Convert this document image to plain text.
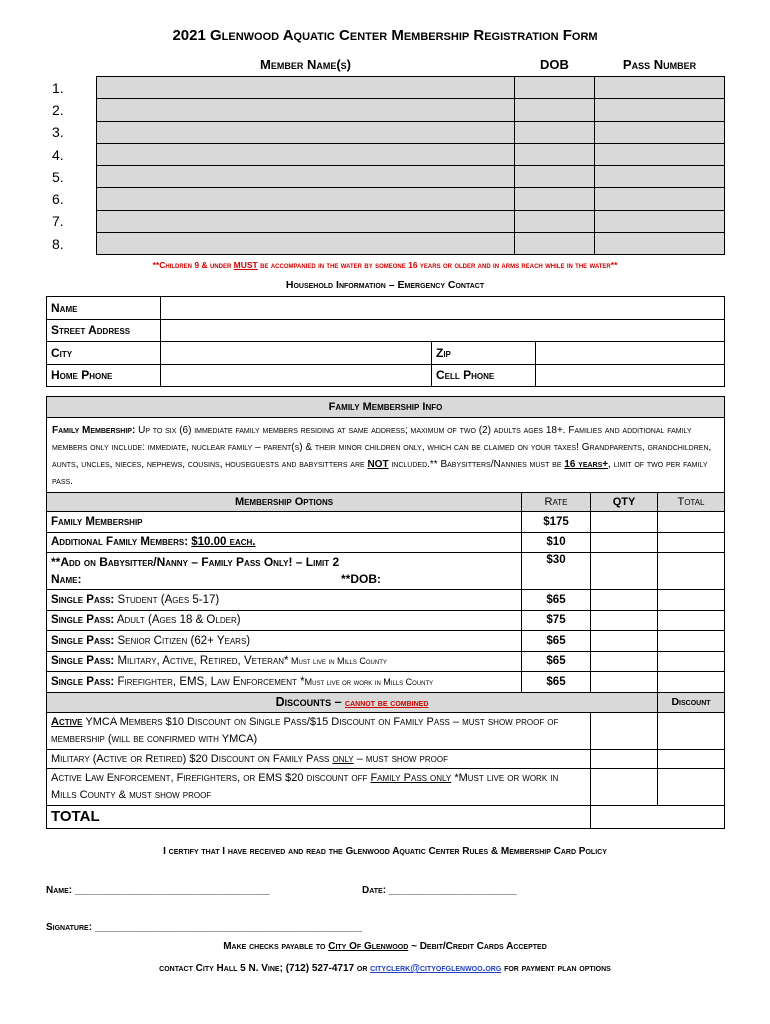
2021 Glenwood Aquatic Center Membership Registration Form
	Member Name(s)	DOB	Pass Number
1.			
2.			
3.			
4.			
5.			
6.			
7.			
8.			
**Children 9 & under MUST be accompanied in the water by someone 16 years or older and in arms reach while in the water**
Household Information – Emergency Contact
Name			
Street Address			
City		Zip	
Home Phone		Cell Phone	
Family Membership Info			
Family Membership: Up to six (6) immediate family members residing at same address; maximum of two (2) adults ages 18+. Families and additional family members only include: immediate, nuclear family – parent(s) & their minor children only, which can be claimed on your taxes! Grandparents, grandchildren, aunts, uncles, nieces, nephews, cousins, houseguests and babysitters are NOT included.** Babysitters/Nannies must be 16 years+, limit of two per family pass.			
Membership Options	Rate	QTY	Total
Family Membership	$175		
Additional Family Members: $10.00 each.	$10		

**Add on Babysitter/Nanny – Family Pass Only! – Limit 2
Name: **DOB:	$30		
Single Pass: Student (Ages 5-17)	$65		
Single Pass: Adult (Ages 18 & Older)	$75		
Single Pass: Senior Citizen (62+ Years)	$65		
Single Pass: Military, Active, Retired, Veteran* Must live in Mills County	$65		
Single Pass: Firefighter, EMS, Law Enforcement *Must live or work in Mills County	$65		
Discounts – cannot be combined			Discount
Active YMCA Members $10 Discount on Single Pass/$15 Discount on Family Pass – must show proof of membership (will be confirmed with YMCA)			
Military (Active or Retired) $20 Discount on Family Pass only – must show proof			
Active Law Enforcement, Firefighters, or EMS $20 discount off Family Pass only *Must live or work in Mills County & must show proof			
TOTAL			
I certify that I have received and read the Glenwood Aquatic Center Rules & Membership Card Policy
Name: ___________________________________	Date: _______________________
Signature: ________________________________________________
Make checks payable to City Of Glenwood ~ Debit/Credit Cards Accepted
contact City Hall 5 N. Vine; (712) 527-4717 or cityclerk@cityofglenwoo.org for payment plan options
